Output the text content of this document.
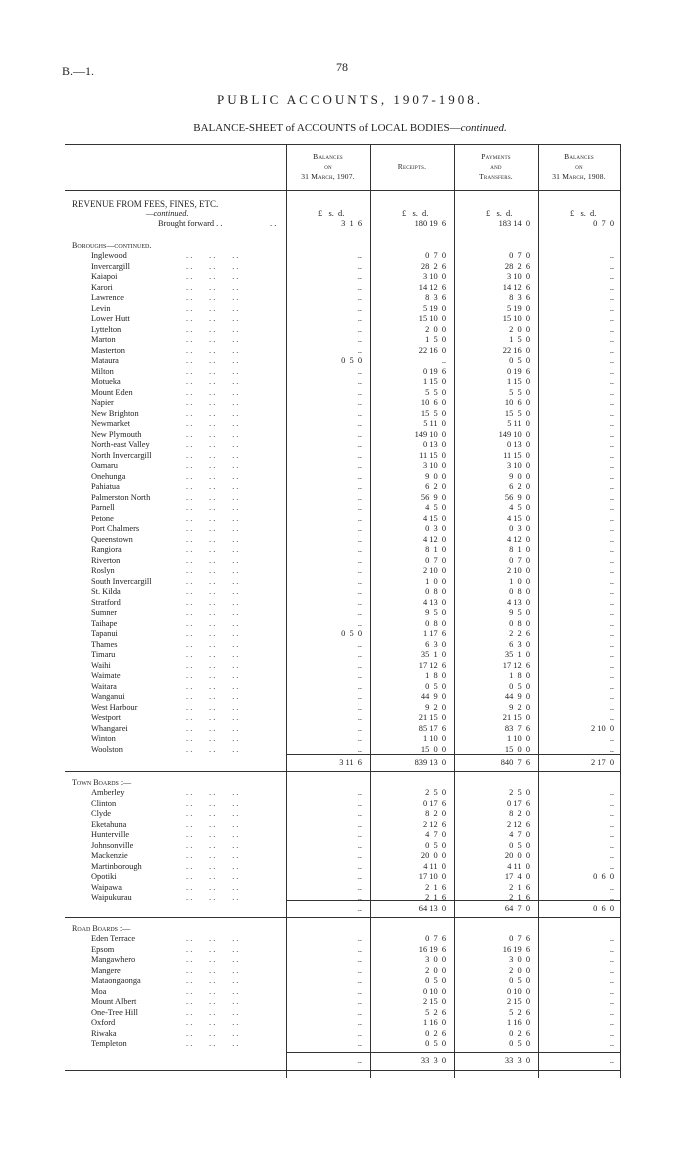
B.—1.	78
PUBLIC ACCOUNTS, 1907-1908.
BALANCE-SHEET of ACCOUNTS of LOCAL BODIES—continued.
Balances
on
31 March, 1907.
Receipts.
Payments
and
Transfers.
Balances
on
31 March, 1908.
REVENUE FROM FEES, FINES, ETC.
—continued.
Brought forward . .	. .
£   s.  d.	£   s.  d.	£   s.  d.	£   s.  d.
3  1  6	180 19  6	183 14  0	0  7  0
Boroughs—continued.
Inglewood	. .        . .        . .	..	0  7  0	0  7  0	..
Invercargill	. .        . .        . .	..	28  2  6	28  2  6	..
Kaiapoi	. .        . .        . .	..	3 10  0	3 10  0	..
Karori	. .        . .        . .	..	14 12  6	14 12  6	..
Lawrence	. .        . .        . .	..	8  3  6	8  3  6	..
Levin	. .        . .        . .	..	5 19  0	5 19  0	..
Lower Hutt	. .        . .        . .	..	15 10  0	15 10  0	..
Lyttelton	. .        . .        . .	..	2  0  0	2  0  0	..
Marton	. .        . .        . .	..	1  5  0	1  5  0	..
Masterton	. .        . .        . .	..	22 16  0	22 16  0	..
Mataura	. .        . .        . .	0  5  0	..	0  5  0	..
Milton	. .        . .        . .	..	0 19  6	0 19  6	..
Motueka	. .        . .        . .	..	1 15  0	1 15  0	..
Mount Eden	. .        . .        . .	..	5  5  0	5  5  0	..
Napier	. .        . .        . .	..	10  6  0	10  6  0	..
New Brighton	. .        . .        . .	..	15  5  0	15  5  0	..
Newmarket	. .        . .        . .	..	5 11  0	5 11  0	..
New Plymouth	. .        . .        . .	..	149 10  0	149 10  0	..
North-east Valley	. .        . .        . .	..	0 13  0	0 13  0	..
North Invercargill	. .        . .        . .	..	11 15  0	11 15  0	..
Oamaru	. .        . .        . .	..	3 10  0	3 10  0	..
Onehunga	. .        . .        . .	..	9  0  0	9  0  0	..
Pahiatua	. .        . .        . .	..	6  2  0	6  2  0	..
Palmerston North	. .        . .        . .	..	56  9  0	56  9  0	..
Parnell	. .        . .        . .	..	4  5  0	4  5  0	..
Petone	. .        . .        . .	..	4 15  0	4 15  0	..
Port Chalmers	. .        . .        . .	..	0  3  0	0  3  0	..
Queenstown	. .        . .        . .	..	4 12  0	4 12  0	..
Rangiora	. .        . .        . .	..	8  1  0	8  1  0	..
Riverton	. .        . .        . .	..	0  7  0	0  7  0	..
Roslyn	. .        . .        . .	..	2 10  0	2 10  0	..
South Invercargill	. .        . .        . .	..	1  0  0	1  0  0	..
St. Kilda	. .        . .        . .	..	0  8  0	0  8  0	..
Stratford	. .        . .        . .	..	4 13  0	4 13  0	..
Sumner	. .        . .        . .	..	9  5  0	9  5  0	..
Taihape	. .        . .        . .	..	0  8  0	0  8  0	..
Tapanui	. .        . .        . .	0  5  0	1 17  6	2  2  6	..
Thames	. .        . .        . .	..	6  3  0	6  3  0	..
Timaru	. .        . .        . .	..	35  1  0	35  1  0	..
Waihi	. .        . .        . .	..	17 12  6	17 12  6	..
Waimate	. .        . .        . .	..	1  8  0	1  8  0	..
Waitara	. .        . .        . .	..	0  5  0	0  5  0	..
Wanganui	. .        . .        . .	..	44  9  0	44  9  0	..
West Harbour	. .        . .        . .	..	9  2  0	9  2  0	..
Westport	. .        . .        . .	..	21 15  0	21 15  0	..
Whangarei	. .        . .        . .	..	85 17  6	83  7  6	2 10  0
Winton	. .        . .        . .	..	1 10  0	1 10  0	..
Woolston	. .        . .        . .	..	15  0  0	15  0  0	..
3 11  6	839 13  0	840  7  6	2 17  0
Town Boards :—
Amberley	. .        . .        . .	..	2  5  0	2  5  0	..
Clinton	. .        . .        . .	..	0 17  6	0 17  6	..
Clyde	. .        . .        . .	..	8  2  0	8  2  0	..
Eketahuna	. .        . .        . .	..	2 12  6	2 12  6	..
Hunterville	. .        . .        . .	..	4  7  0	4  7  0	..
Johnsonville	. .        . .        . .	..	0  5  0	0  5  0	..
Mackenzie	. .        . .        . .	..	20  0  0	20  0  0	..
Martinborough	. .        . .        . .	..	4 11  0	4 11  0	..
Opotiki	. .        . .        . .	..	17 10  0	17  4  0	0  6  0
Waipawa	. .        . .        . .	..	2  1  6	2  1  6	..
Waipukurau	. .        . .        . .	..	2  1  6	2  1  6	..
..	64 13  0	64  7  0	0  6  0
Road Boards :—
Eden Terrace	. .        . .        . .	..	0  7  6	0  7  6	..
Epsom	. .        . .        . .	..	16 19  6	16 19  6	..
Mangawhero	. .        . .        . .	..	3  0  0	3  0  0	..
Mangere	. .        . .        . .	..	2  0  0	2  0  0	..
Mataongaonga	. .        . .        . .	..	0  5  0	0  5  0	..
Moa	. .        . .        . .	..	0 10  0	0 10  0	..
Mount Albert	. .        . .        . .	..	2 15  0	2 15  0	..
One-Tree Hill	. .        . .        . .	..	5  2  6	5  2  6	..
Oxford	. .        . .        . .	..	1 16  0	1 16  0	..
Riwaka	. .        . .        . .	..	0  2  6	0  2  6	..
Templeton	. .        . .        . .	..	0  5  0	0  5  0	..
..	33  3  0	33  3  0	..
